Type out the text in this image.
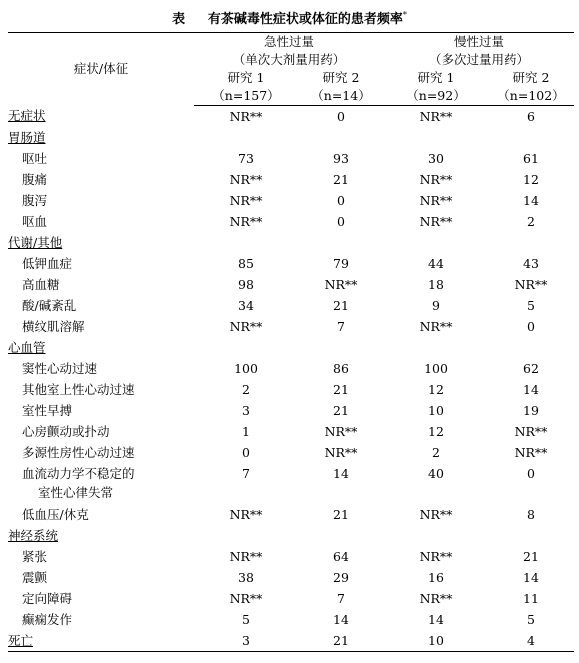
表 有茶碱毒性症状或体征的患者频率*
症状/体征	急性过量		慢性过量	
	（单次大剂量用药）		（多次过量用药）	
	研究 1	研究 2	研究 1	研究 2
	（n=157）	（n=14）	（n=92）	（n=102）
无症状	NR**	0	NR**	6
胃肠道				
呕吐	73	93	30	61
腹痛	NR**	21	NR**	12
腹泻	NR**	0	NR**	14
呕血	NR**	0	NR**	2
代谢/其他				
低钾血症	85	79	44	43
高血糖	98	NR**	18	NR**
酸/碱紊乱	34	21	9	5
横纹肌溶解	NR**	7	NR**	0
心血管				
窦性心动过速	100	86	100	62
其他室上性心动过速	2	21	12	14
室性早搏	3	21	10	19
心房颤动或扑动	1	NR**	12	NR**
多源性房性心动过速	0	NR**	2	NR**

血流动力学不稳定的
室性心律失常	7	14	40	0
低血压/休克	NR**	21	NR**	8
神经系统				
紧张	NR**	64	NR**	21
震颤	38	29	16	14
定向障碍	NR**	7	NR**	11
癫痫发作	5	14	14	5
死亡	3	21	10	4
